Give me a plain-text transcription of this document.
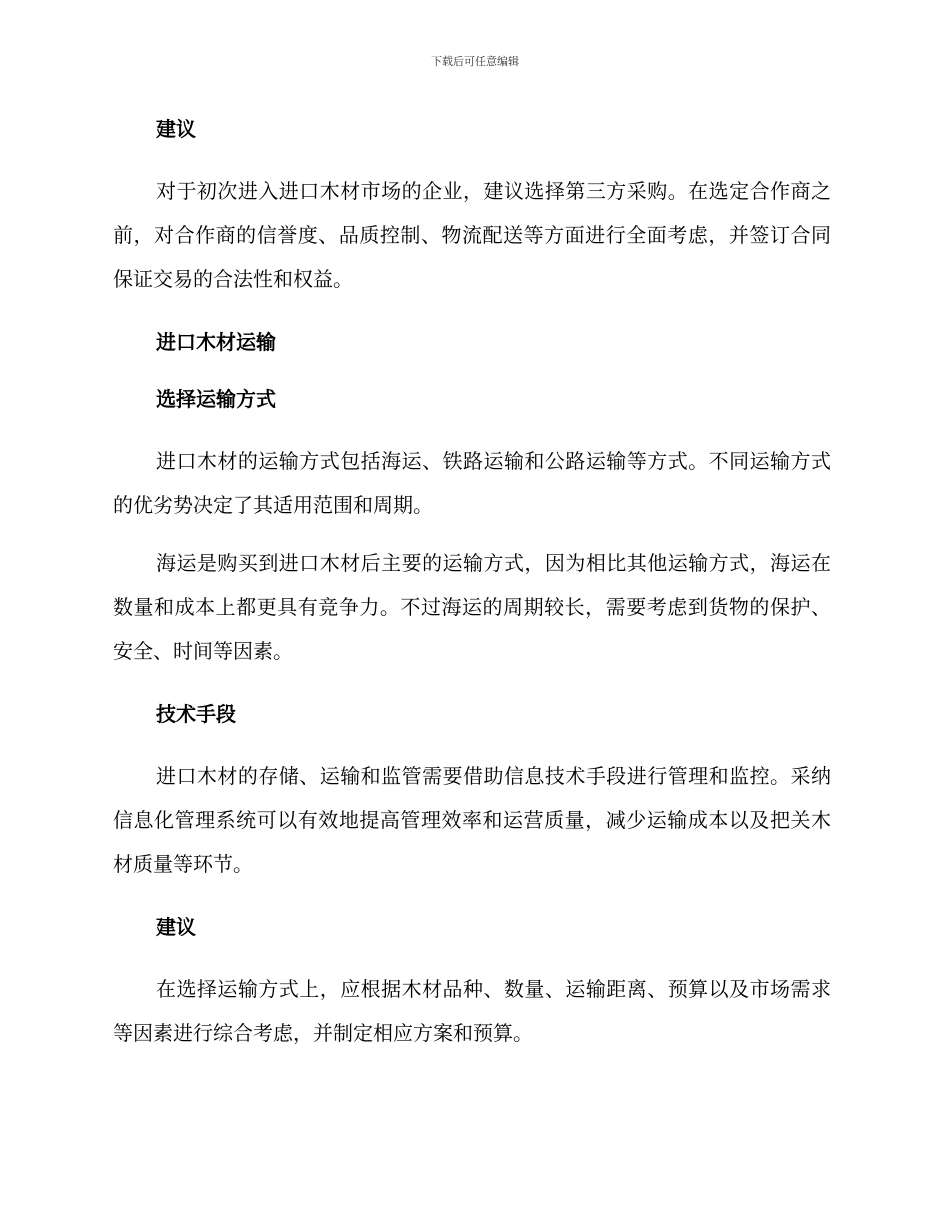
下载后可任意编辑
建议

对于初次进入进口木材市场的企业，建议选择第三方采购。在选定合作商之前，对合作商的信誉度、品质控制、物流配送等方面进行全面考虑，并签订合同保证交易的合法性和权益。

进口木材运输
选择运输方式

进口木材的运输方式包括海运、铁路运输和公路运输等方式。不同运输方式的优劣势决定了其适用范围和周期。

海运是购买到进口木材后主要的运输方式，因为相比其他运输方式，海运在数量和成本上都更具有竞争力。不过海运的周期较长，需要考虑到货物的保护、安全、时间等因素。

技术手段

进口木材的存储、运输和监管需要借助信息技术手段进行管理和监控。采纳信息化管理系统可以有效地提高管理效率和运营质量，减少运输成本以及把关木材质量等环节。

建议

在选择运输方式上，应根据木材品种、数量、运输距离、预算以及市场需求等因素进行综合考虑，并制定相应方案和预算。
